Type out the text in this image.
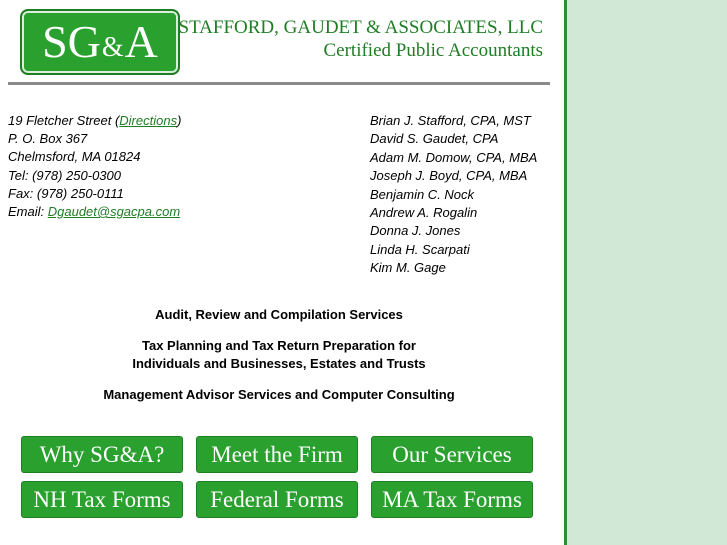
SG & A STAFFORD, GAUDET & ASSOCIATES, LLC
Certified Public Accountants
19 Fletcher Street (Directions)
P. O. Box 367
Chelmsford, MA 01824
Tel: (978) 250-0300
Fax: (978) 250-0111
Email: Dgaudet@sgacpa.com
Brian J. Stafford, CPA, MST
David S. Gaudet, CPA
Adam M. Domow, CPA, MBA
Joseph J. Boyd, CPA, MBA
Benjamin C. Nock
Andrew A. Rogalin
Donna J. Jones
Linda H. Scarpati
Kim M. Gage
Audit, Review and Compilation Services
Tax Planning and Tax Return Preparation for
Individuals and Businesses, Estates and Trusts
Management Advisor Services and Computer Consulting
Why SG&A?	Meet the Firm	Our Services
NH Tax Forms	Federal Forms	MA Tax Forms
